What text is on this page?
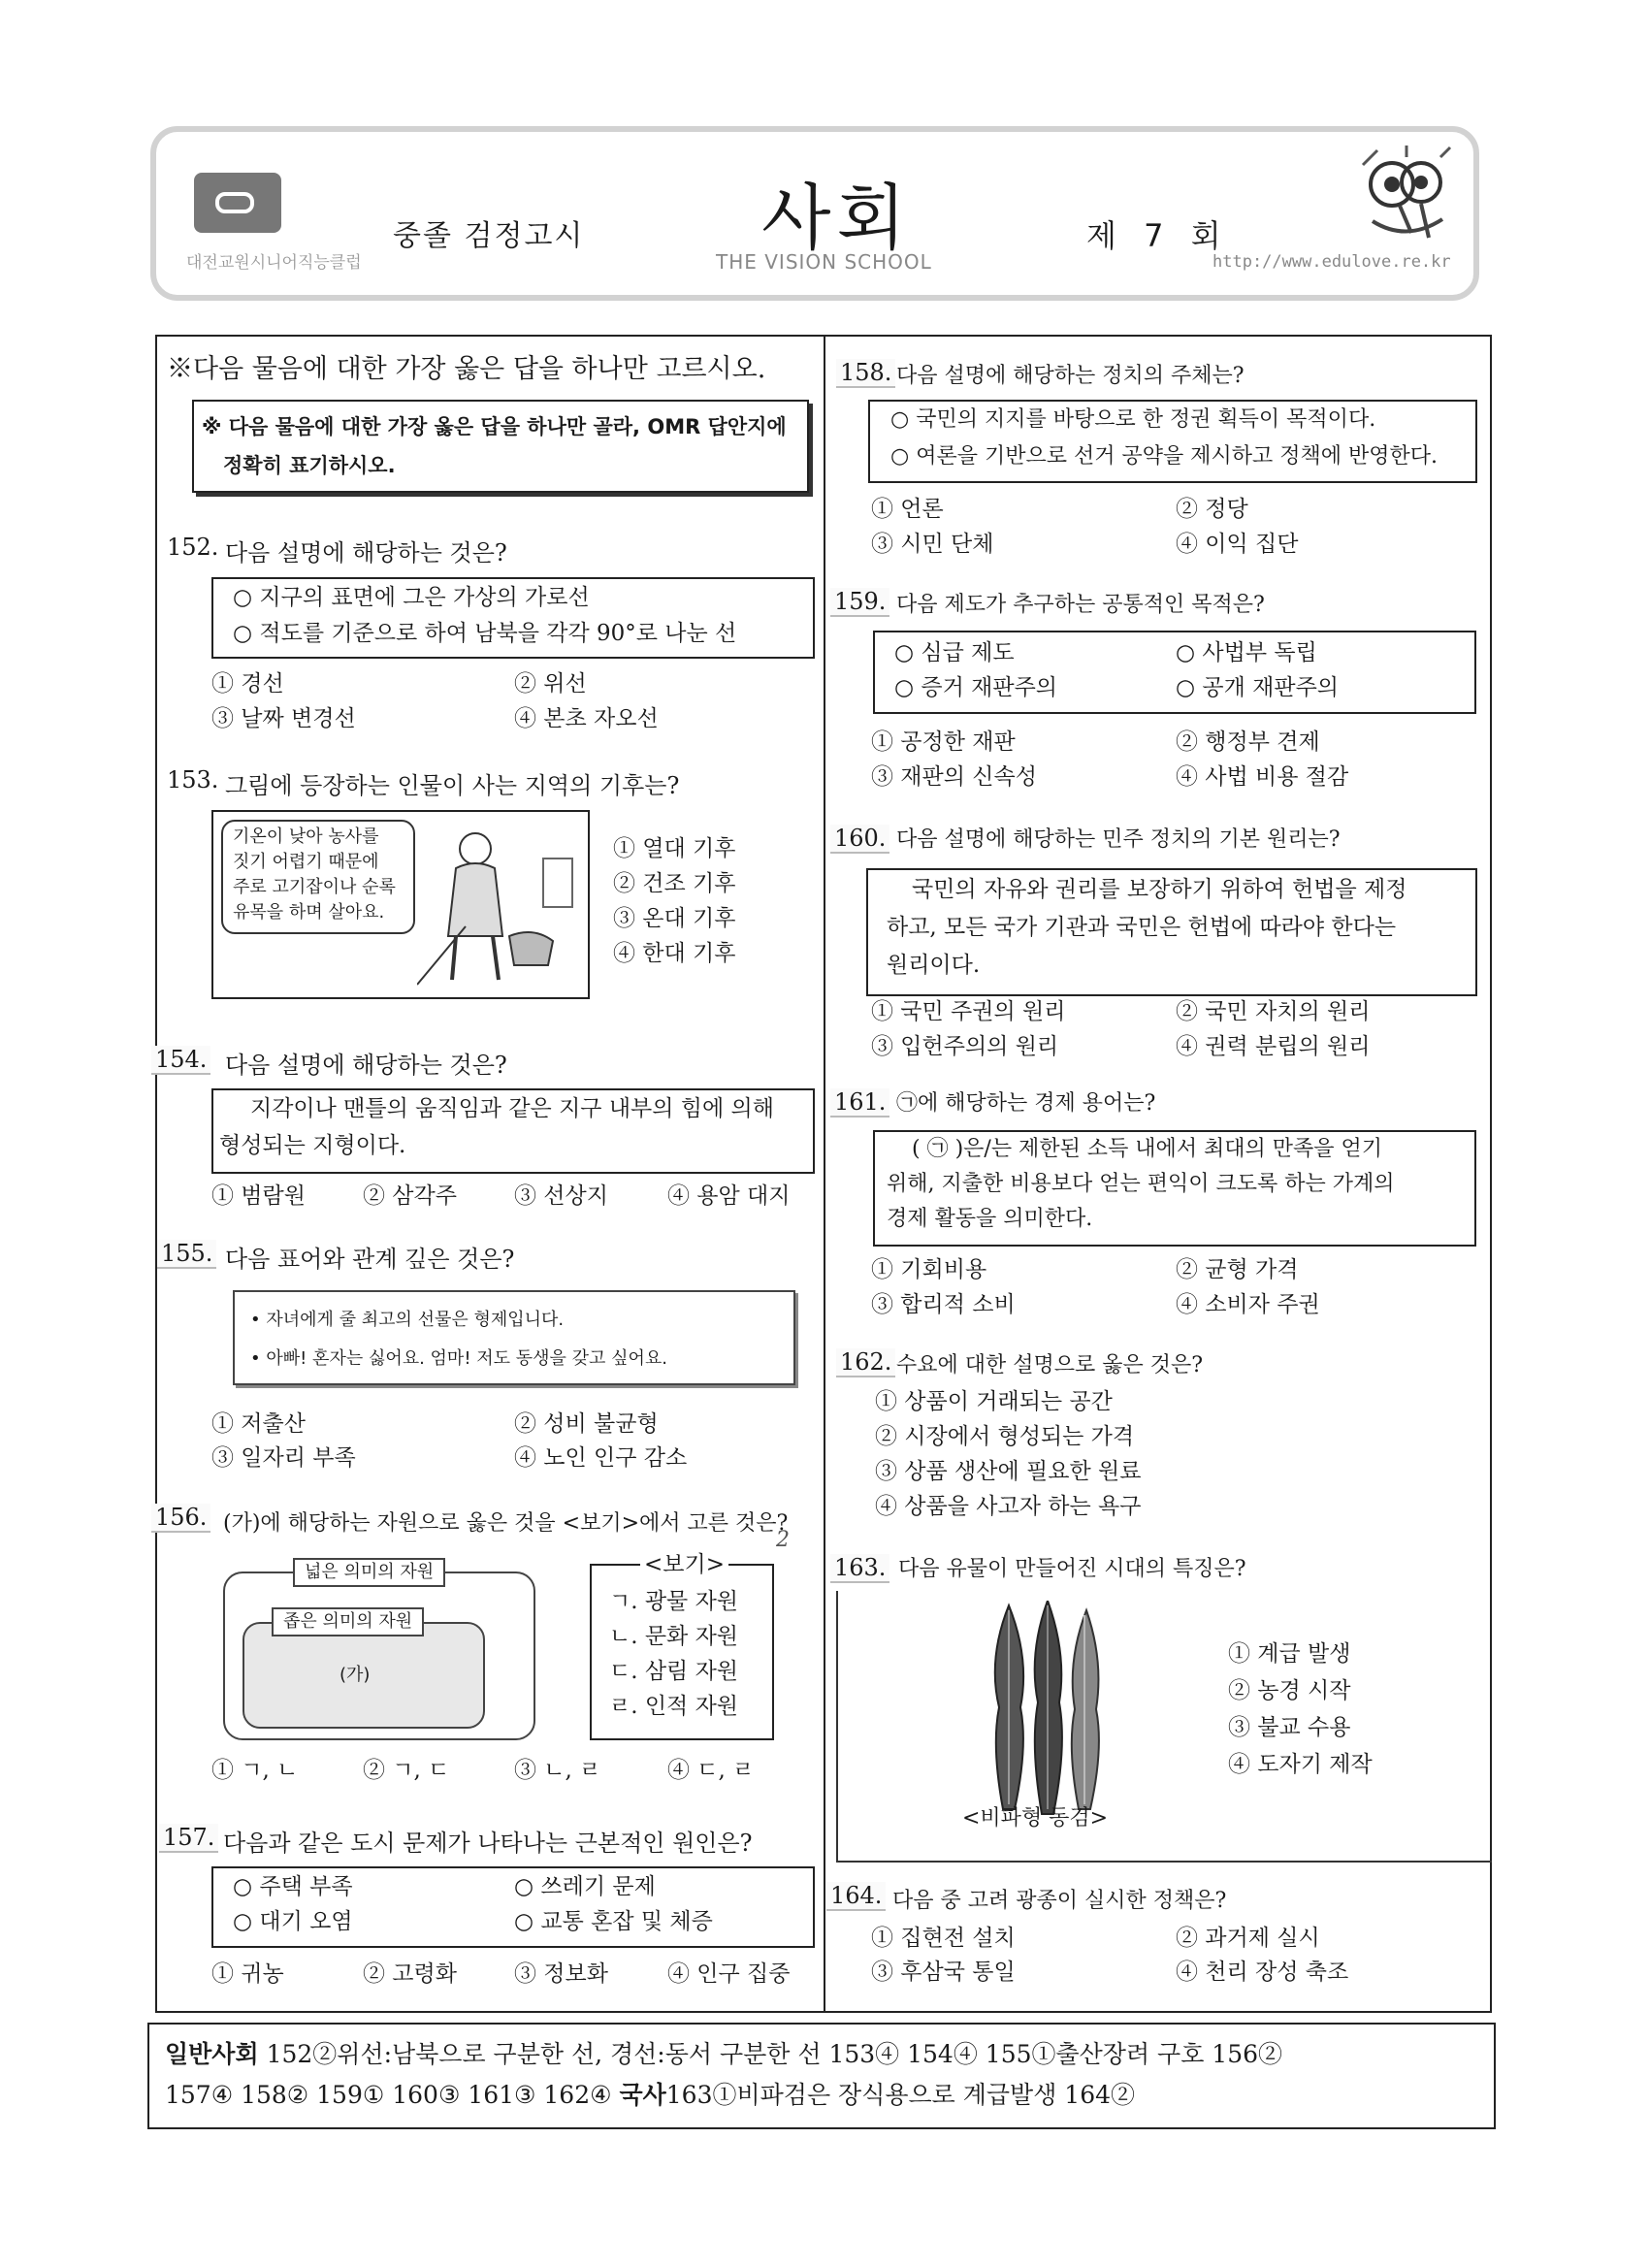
대전교원시니어직능클럽
중졸 검정고시 사회
THE VISION SCHOOL
제 7 회
http://www.edulove.re.kr
※다음 물음에 대한 가장 옳은 답을 하나만 고르시오.
※ 다음 물음에 대한 가장 옳은 답을 하나만 골라, OMR 답안지에
정확히 표기하시오.
152. 다음 설명에 해당하는 것은?
○ 지구의 표면에 그은 가상의 가로선
○ 적도를 기준으로 하여 남북을 각각 90°로 나눈 선
① 경선	② 위선
③ 날짜 변경선	④ 본초 자오선
153. 그림에 등장하는 인물이 사는 지역의 기후는?
기온이 낮아 농사를
짓기 어렵기 때문에
주로 고기잡이나 순록
유목을 하며 살아요.
① 열대 기후
② 건조 기후
③ 온대 기후
④ 한대 기후
154. 다음 설명에 해당하는 것은?
지각이나 맨틀의 움직임과 같은 지구 내부의 힘에 의해
형성되는 지형이다.
① 범람원	② 삼각주	③ 선상지	④ 용암 대지
155. 다음 표어와 관계 깊은 것은?
• 자녀에게 줄 최고의 선물은 형제입니다.
• 아빠! 혼자는 싫어요. 엄마! 저도 동생을 갖고 싶어요.
① 저출산	② 성비 불균형
③ 일자리 부족	④ 노인 인구 감소
156. (가)에 해당하는 자원으로 옳은 것을 <보기>에서 고른 것은?
2
넓은 의미의 자원
좁은 의미의 자원
(가)
<보기>
ㄱ. 광물 자원
ㄴ. 문화 자원
ㄷ. 삼림 자원
ㄹ. 인적 자원
① ㄱ, ㄴ	② ㄱ, ㄷ	③ ㄴ, ㄹ	④ ㄷ, ㄹ
157. 다음과 같은 도시 문제가 나타나는 근본적인 원인은?
○ 주택 부족	○ 쓰레기 문제
○ 대기 오염	○ 교통 혼잡 및 체증
① 귀농	② 고령화	③ 정보화	④ 인구 집중
158. 다음 설명에 해당하는 정치의 주체는?
○ 국민의 지지를 바탕으로 한 정권 획득이 목적이다.
○ 여론을 기반으로 선거 공약을 제시하고 정책에 반영한다.
① 언론	② 정당
③ 시민 단체	④ 이익 집단
159. 다음 제도가 추구하는 공통적인 목적은?
○ 심급 제도	○ 사법부 독립
○ 증거 재판주의	○ 공개 재판주의
① 공정한 재판	② 행정부 견제
③ 재판의 신속성	④ 사법 비용 절감
160. 다음 설명에 해당하는 민주 정치의 기본 원리는?
국민의 자유와 권리를 보장하기 위하여 헌법을 제정
하고, 모든 국가 기관과 국민은 헌법에 따라야 한다는
원리이다.
① 국민 주권의 원리	② 국민 자치의 원리
③ 입헌주의의 원리	④ 권력 분립의 원리
161. ㉠에 해당하는 경제 용어는?
( ㉠ )은/는 제한된 소득 내에서 최대의 만족을 얻기
위해, 지출한 비용보다 얻는 편익이 크도록 하는 가계의
경제 활동을 의미한다.
① 기회비용	② 균형 가격
③ 합리적 소비	④ 소비자 주권
162. 수요에 대한 설명으로 옳은 것은?
① 상품이 거래되는 공간
② 시장에서 형성되는 가격
③ 상품 생산에 필요한 원료
④ 상품을 사고자 하는 욕구
163. 다음 유물이 만들어진 시대의 특징은?
<비파형 동검>
① 계급 발생
② 농경 시작
③ 불교 수용
④ 도자기 제작
164. 다음 중 고려 광종이 실시한 정책은?
① 집현전 설치	② 과거제 실시
③ 후삼국 통일	④ 천리 장성 축조
일반사회 152②위선:남북으로 구분한 선, 경선:동서 구분한 선 153④ 154④ 155①출산장려 구호 156②
157④ 158② 159① 160③ 161③ 162④ 국사163①비파검은 장식용으로 계급발생 164②
